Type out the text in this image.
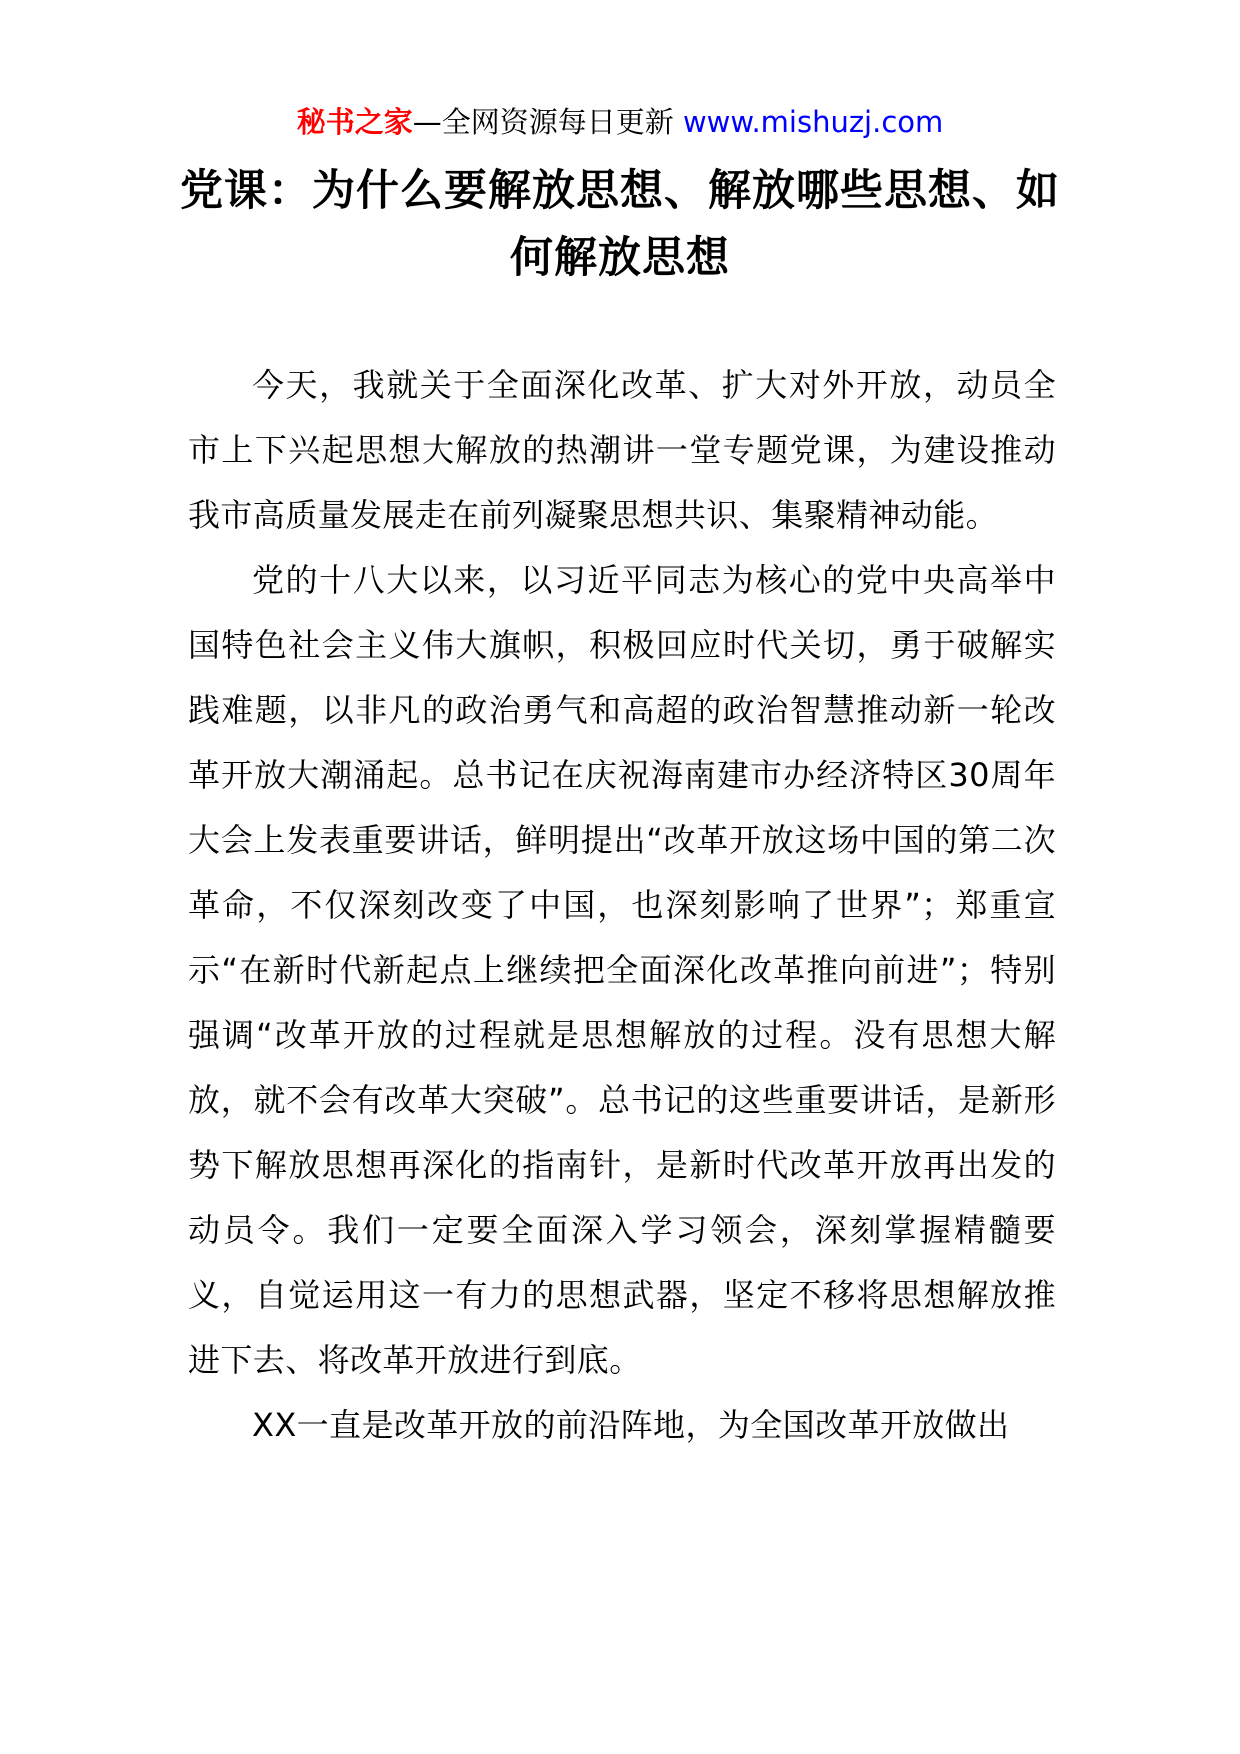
秘书之家—全网资源每日更新 www.mishuzj.com
党课：为什么要解放思想、解放哪些思想、如何解放思想

今天，我就关于全面深化改革、扩大对外开放，动员全市上下兴起思想大解放的热潮讲一堂专题党课，为建设推动我市高质量发展走在前列凝聚思想共识、集聚精神动能。

党的十八大以来，以习近平同志为核心的党中央高举中国特色社会主义伟大旗帜，积极回应时代关切，勇于破解实践难题，以非凡的政治勇气和高超的政治智慧推动新一轮改革开放大潮涌起。总书记在庆祝海南建市办经济特区30周年大会上发表重要讲话，鲜明提出“改革开放这场中国的第二次革命，不仅深刻改变了中国，也深刻影响了世界”；郑重宣示“在新时代新起点上继续把全面深化改革推向前进”；特别强调“改革开放的过程就是思想解放的过程。没有思想大解放，就不会有改革大突破”。总书记的这些重要讲话，是新形势下解放思想再深化的指南针，是新时代改革开放再出发的动员令。我们一定要全面深入学习领会，深刻掌握精髓要义，自觉运用这一有力的思想武器，坚定不移将思想解放推进下去、将改革开放进行到底。

XX一直是改革开放的前沿阵地，为全国改革开放做出
